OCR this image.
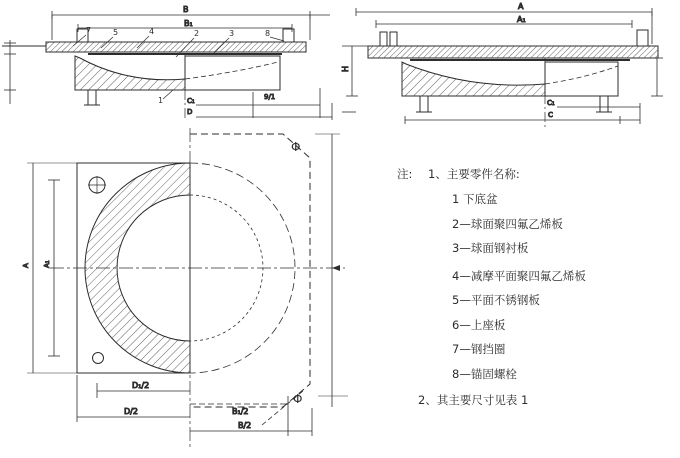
B
B₁
7	5	4	2	3	8
1	C₁
D
9/1
A
A₁
H
C₁
C
Φ
Φ
A A₁
D₁/2
D/2	B₁/2
B/2
注: 1、主要零件名称:
1 下底盆
2—球面聚四氟乙烯板
3—球面钢衬板
4—减摩平面聚四氟乙烯板
5—平面不锈钢板
6—上座板
7—钢挡圈
8—锚固螺栓
2、其主要尺寸见表 1
